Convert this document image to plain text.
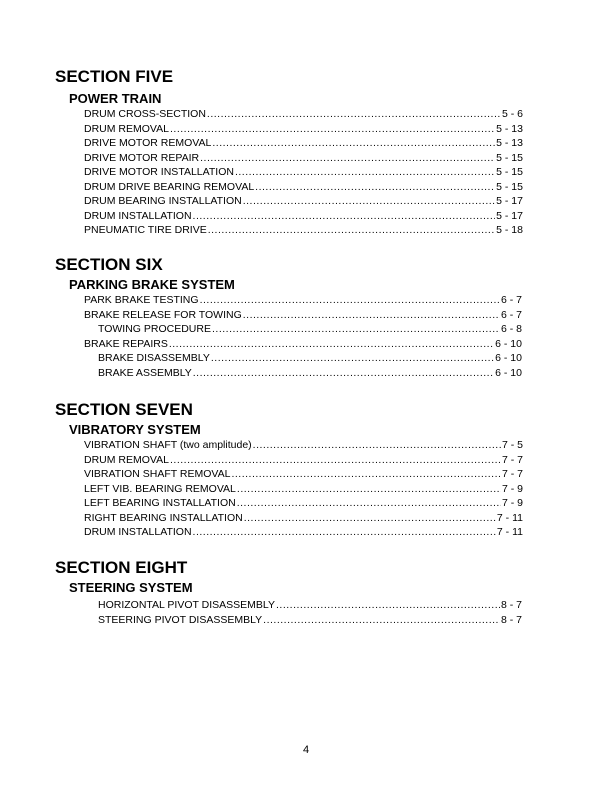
SECTION FIVE
POWER TRAIN
DRUM CROSS-SECTION .....	5 - 6
DRUM REMOVAL .....	5 - 13
DRIVE MOTOR REMOVAL .....	5 - 13
DRIVE MOTOR REPAIR .....	5 - 15
DRIVE MOTOR INSTALLATION .....	5 - 15
DRUM DRIVE BEARING REMOVAL .....	5 - 15
DRUM BEARING INSTALLATION .....	5 - 17
DRUM INSTALLATION .....	5 - 17
PNEUMATIC TIRE DRIVE .....	5 - 18
SECTION SIX
PARKING BRAKE SYSTEM
PARK BRAKE TESTING .....	6 - 7
BRAKE RELEASE FOR TOWING .....	6 - 7
TOWING PROCEDURE .....	6 - 8
BRAKE REPAIRS .....	6 - 10
BRAKE DISASSEMBLY .....	6 - 10
BRAKE ASSEMBLY .....	6 - 10
SECTION SEVEN
VIBRATORY SYSTEM
VIBRATION SHAFT (two amplitude) .....	7 - 5
DRUM REMOVAL .....	7 - 7
VIBRATION SHAFT REMOVAL .....	7 - 7
LEFT VIB. BEARING REMOVAL .....	7 - 9
LEFT BEARING INSTALLATION .....	7 - 9
RIGHT BEARING INSTALLATION .....	7 - 11
DRUM INSTALLATION .....	7 - 11
SECTION EIGHT
STEERING SYSTEM
HORIZONTAL PIVOT DISASSEMBLY .....	8 - 7
STEERING PIVOT DISASSEMBLY .....	8 - 7
4
